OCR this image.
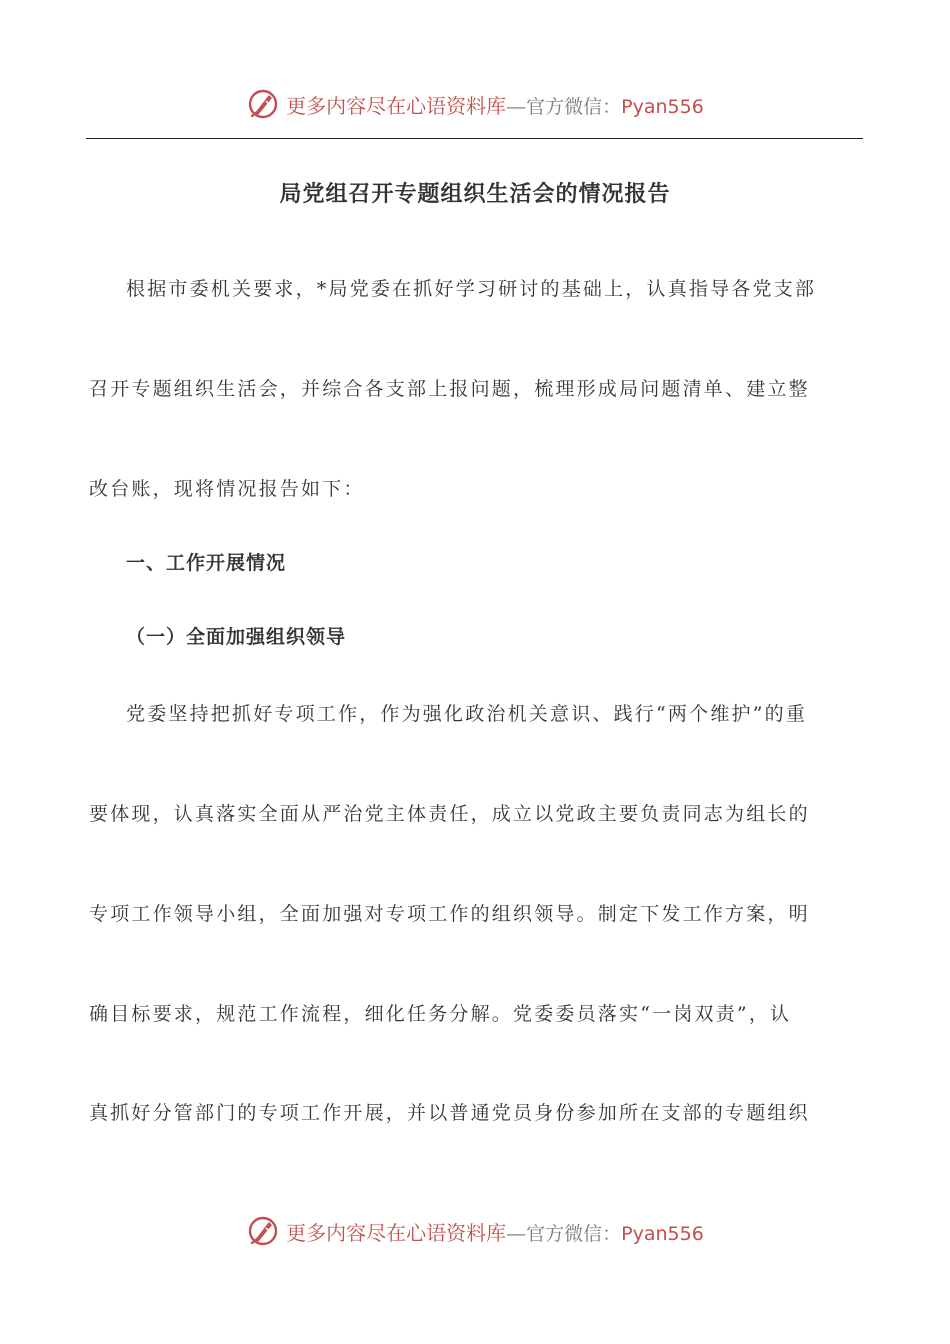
更多内容尽在心语资料库—官方微信：Pyan556
局党组召开专题组织生活会的情况报告
根据市委机关要求，*局党委在抓好学习研讨的基础上，认真指导各党支部
召开专题组织生活会，并综合各支部上报问题，梳理形成局问题清单、建立整
改台账，现将情况报告如下：
一、工作开展情况
（一）全面加强组织领导
党委坚持把抓好专项工作，作为强化政治机关意识、践行“两个维护”的重
要体现，认真落实全面从严治党主体责任，成立以党政主要负责同志为组长的
专项工作领导小组，全面加强对专项工作的组织领导。制定下发工作方案，明
确目标要求，规范工作流程，细化任务分解。党委委员落实“一岗双责”，认
真抓好分管部门的专项工作开展，并以普通党员身份参加所在支部的专题组织
更多内容尽在心语资料库—官方微信：Pyan556
